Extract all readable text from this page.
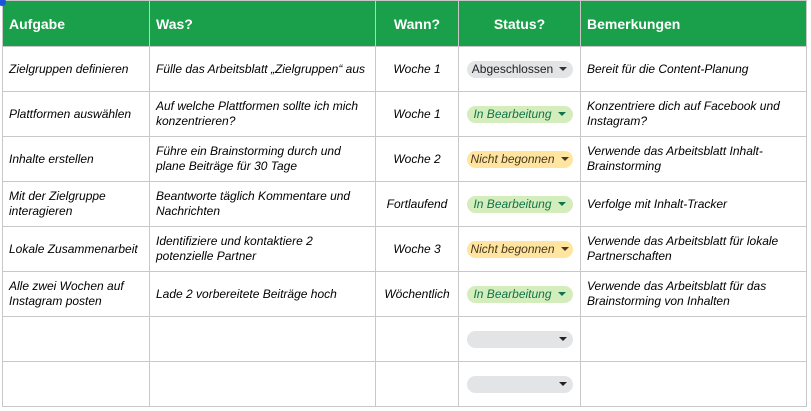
Aufgabe	Was?	Wann?	Status?	Bemerkungen
Zielgruppen definieren	Fülle das Arbeitsblatt „Zielgruppen“ aus	Woche 1	Abgeschlossen	Bereit für die Content-Planung
Plattformen auswählen	Auf welche Plattformen sollte ich mich konzentrieren?	Woche 1	In Bearbeitung	Konzentriere dich auf Facebook und Instagram?
Inhalte erstellen	Führe ein Brainstorming durch und plane Beiträge für 30 Tage	Woche 2	Nicht begonnen	Verwende das Arbeitsblatt Inhalt-Brainstorming
Mit der Zielgruppe interagieren	Beantworte täglich Kommentare und Nachrichten	Fortlaufend	In Bearbeitung	Verfolge mit Inhalt-Tracker
Lokale Zusammenarbeit	Identifiziere und kontaktiere 2 potenzielle Partner	Woche 3	Nicht begonnen	Verwende das Arbeitsblatt für lokale Partnerschaften
Alle zwei Wochen auf Instagram posten	Lade 2 vorbereitete Beiträge hoch	Wöchentlich	In Bearbeitung	Verwende das Arbeitsblatt für das Brainstorming von Inhalten
